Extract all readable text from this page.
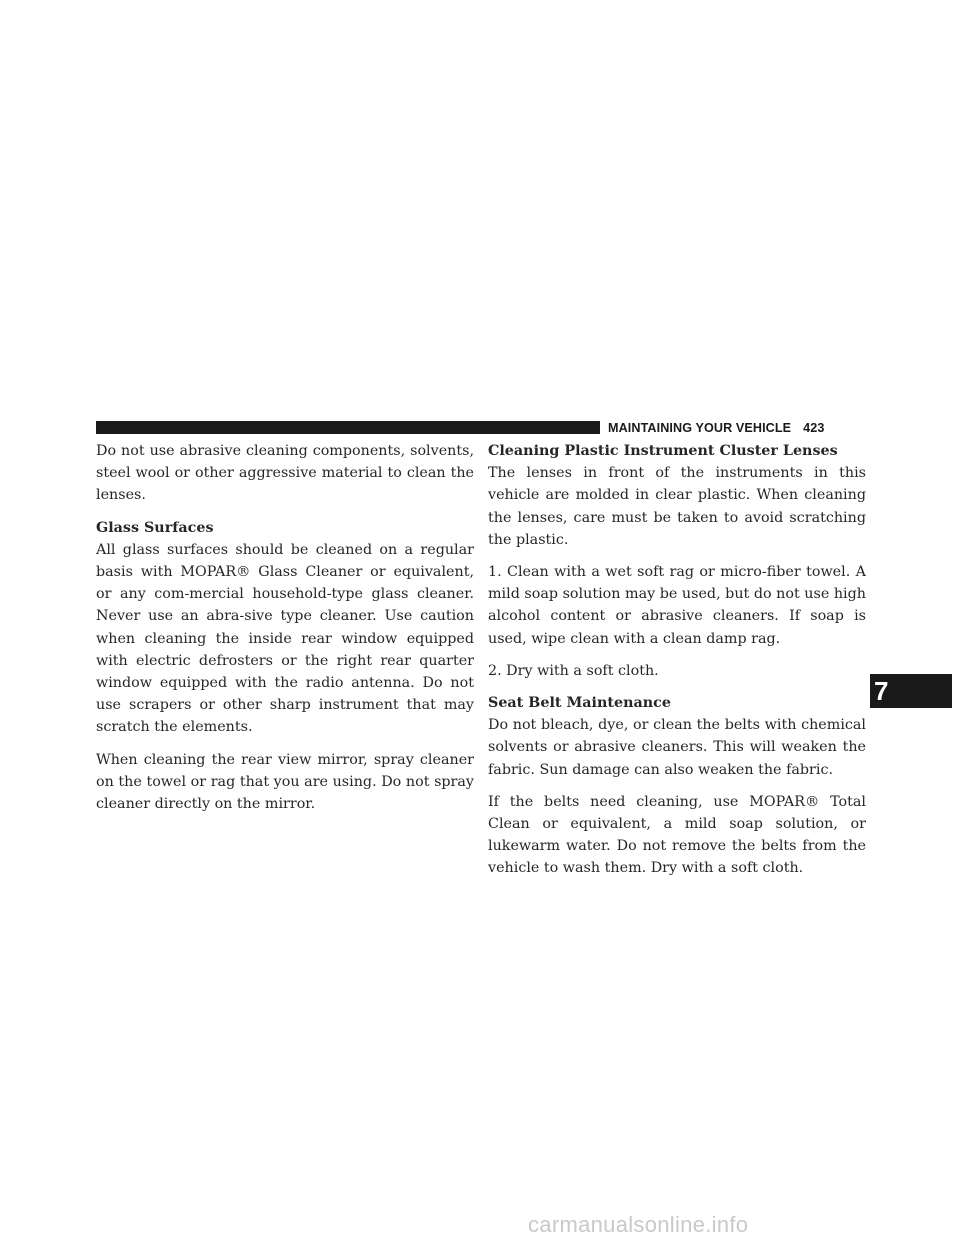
MAINTAINING YOUR VEHICLE 423

Do not use abrasive cleaning components, solvents, steel wool or other aggressive material to clean the lenses.

Glass Surfaces

All glass surfaces should be cleaned on a regular basis with MOPAR® Glass Cleaner or equivalent, or any com-mercial household-type glass cleaner. Never use an abra-sive type cleaner. Use caution when cleaning the inside rear window equipped with electric defrosters or the right rear quarter window equipped with the radio antenna. Do not use scrapers or other sharp instrument that may scratch the elements.

When cleaning the rear view mirror, spray cleaner on the towel or rag that you are using. Do not spray cleaner directly on the mirror.

Cleaning Plastic Instrument Cluster Lenses

The lenses in front of the instruments in this vehicle are molded in clear plastic. When cleaning the lenses, care must be taken to avoid scratching the plastic.

1. Clean with a wet soft rag or micro-fiber towel. A mild soap solution may be used, but do not use high alcohol content or abrasive cleaners. If soap is used, wipe clean with a clean damp rag.

2. Dry with a soft cloth.

Seat Belt Maintenance

Do not bleach, dye, or clean the belts with chemical solvents or abrasive cleaners. This will weaken the fabric. Sun damage can also weaken the fabric.

If the belts need cleaning, use MOPAR® Total Clean or equivalent, a mild soap solution, or lukewarm water. Do not remove the belts from the vehicle to wash them. Dry with a soft cloth.

7
carmanualsonline.info
